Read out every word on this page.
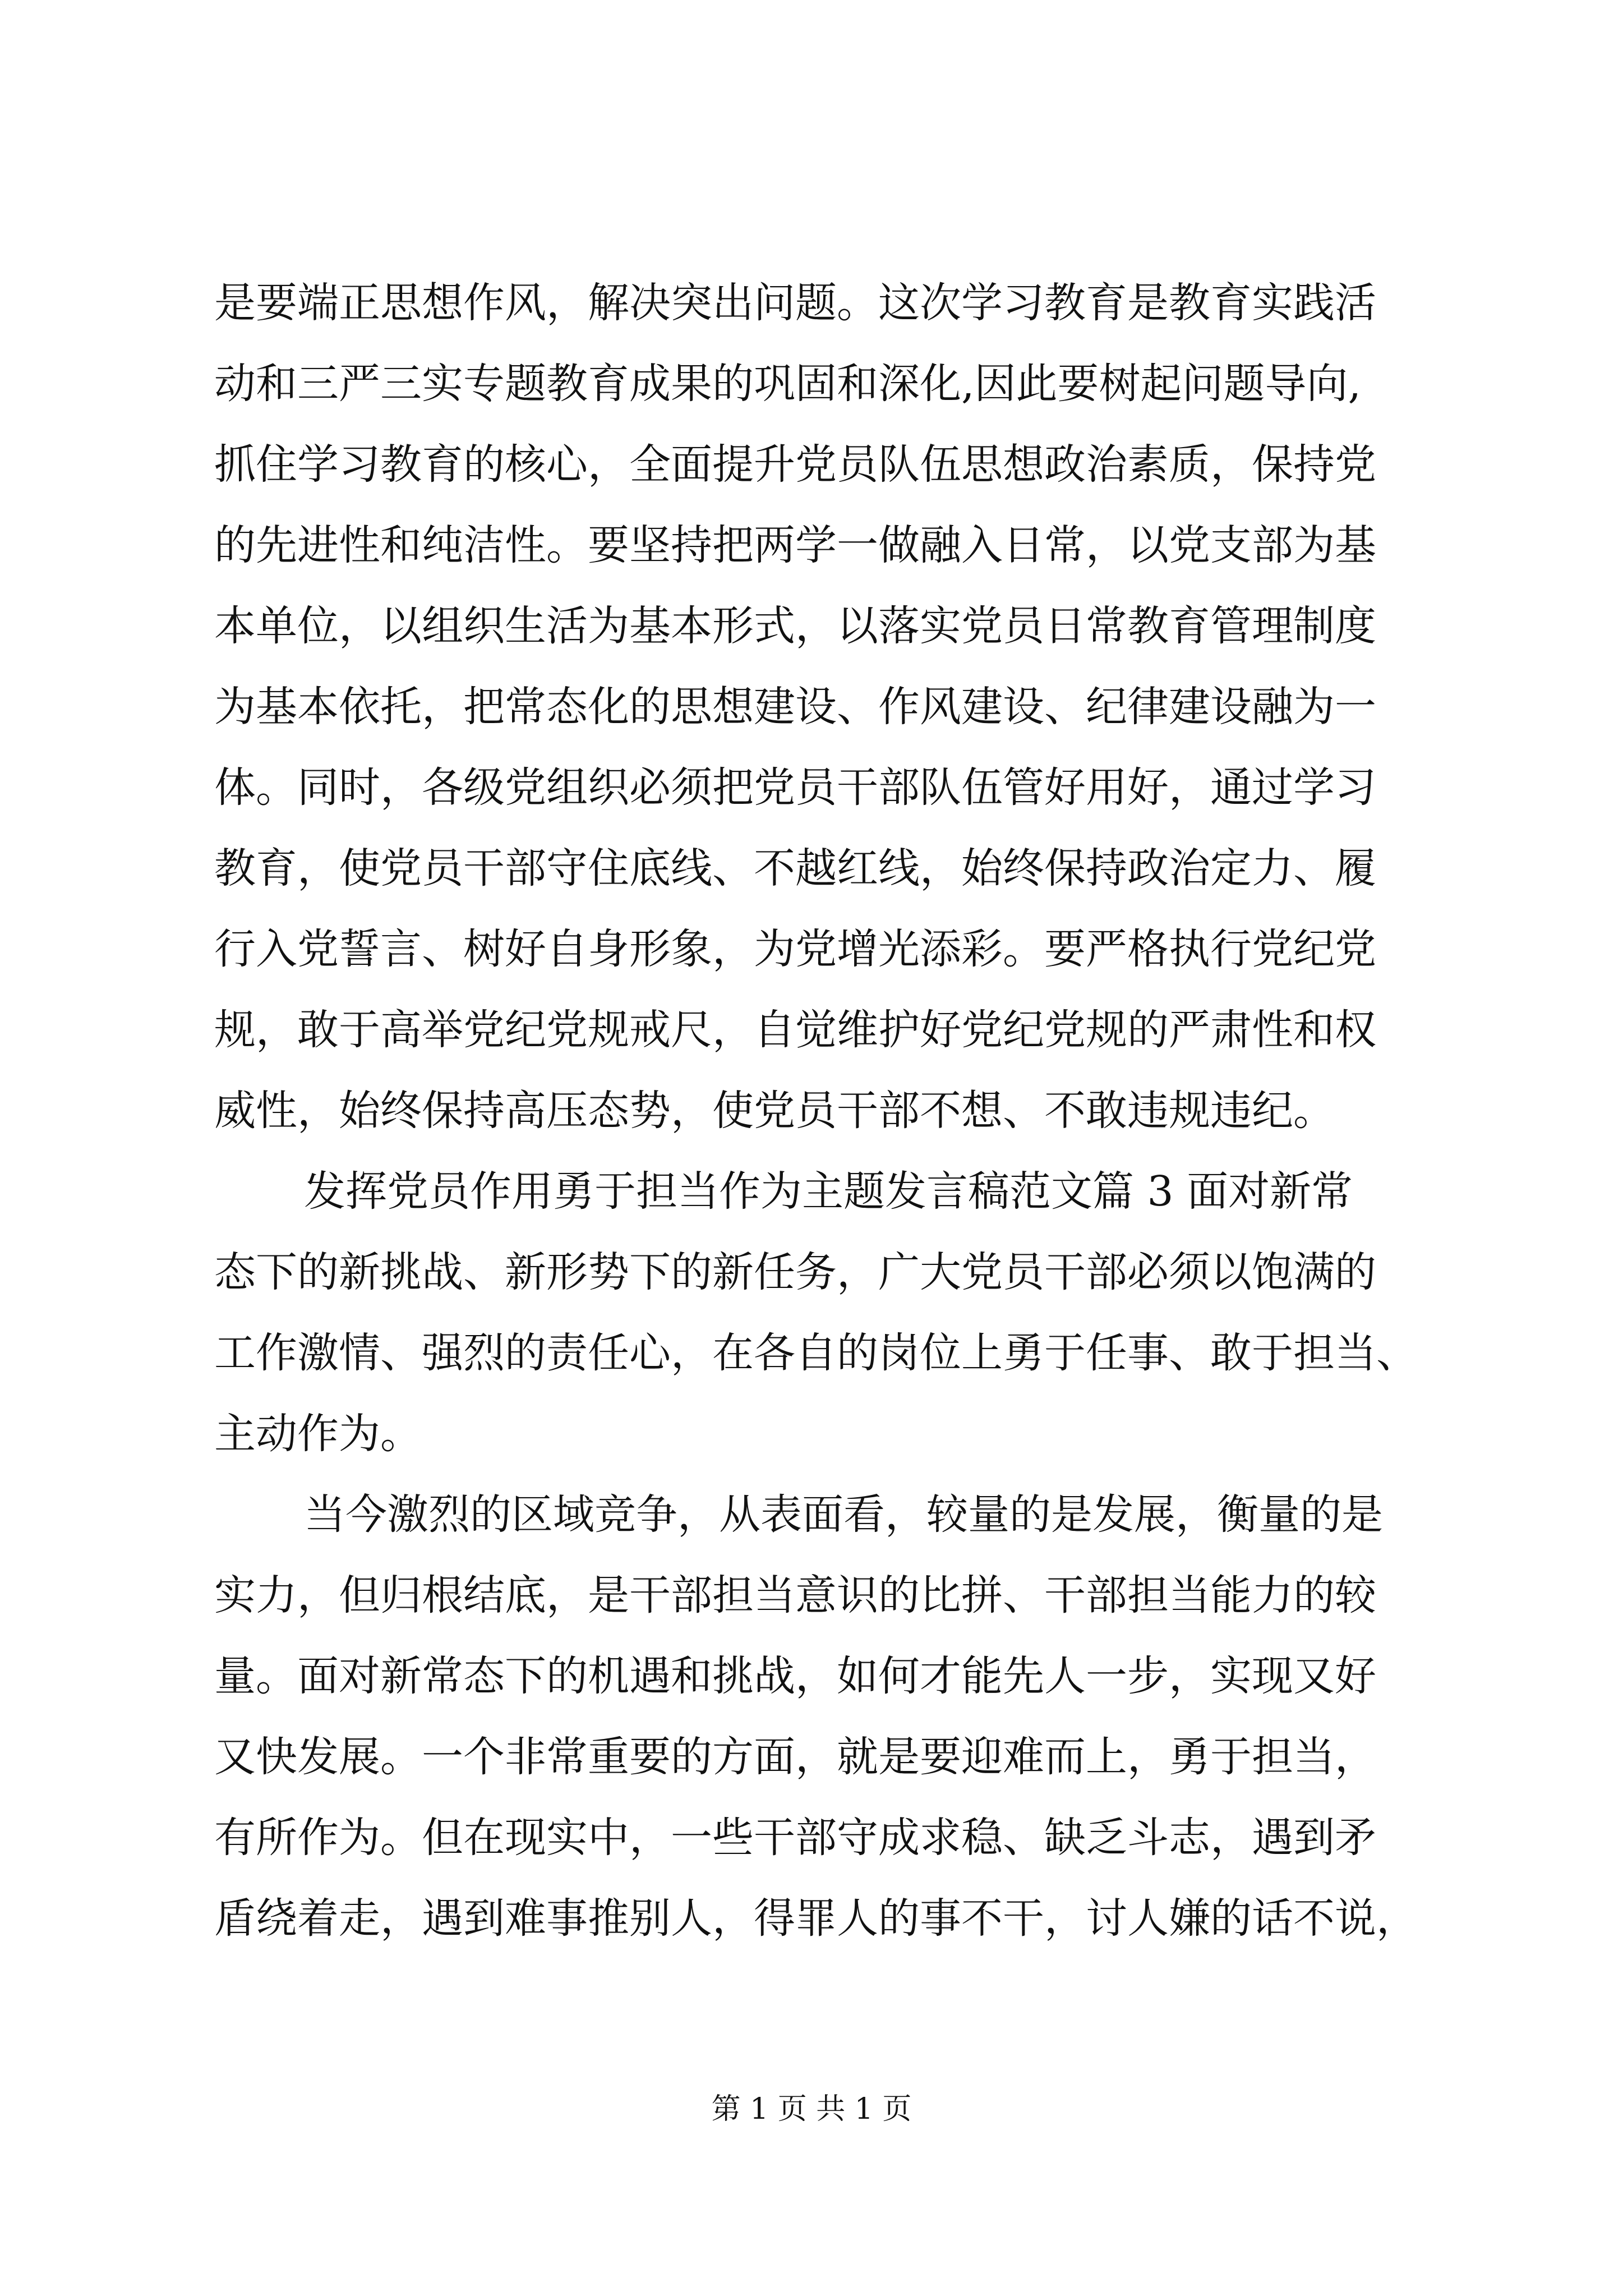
是要端正思想作风，解决突出问题。这次学习教育是教育实践活
动和三严三实专题教育成果的巩固和深化,因此要树起问题导向,
抓住学习教育的核心，全面提升党员队伍思想政治素质，保持党
的先进性和纯洁性。要坚持把两学一做融入日常，以党支部为基
本单位，以组织生活为基本形式，以落实党员日常教育管理制度
为基本依托，把常态化的思想建设、作风建设、纪律建设融为一
体。同时，各级党组织必须把党员干部队伍管好用好，通过学习
教育，使党员干部守住底线、不越红线，始终保持政治定力、履
行入党誓言、树好自身形象，为党增光添彩。要严格执行党纪党
规，敢于高举党纪党规戒尺，自觉维护好党纪党规的严肃性和权
威性，始终保持高压态势，使党员干部不想、不敢违规违纪。
发挥党员作用勇于担当作为主题发言稿范文篇 3 面对新常
态下的新挑战、新形势下的新任务，广大党员干部必须以饱满的
工作激情、强烈的责任心，在各自的岗位上勇于任事、敢于担当、
主动作为。
当今激烈的区域竞争，从表面看，较量的是发展，衡量的是
实力，但归根结底，是干部担当意识的比拼、干部担当能力的较
量。面对新常态下的机遇和挑战，如何才能先人一步，实现又好
又快发展。一个非常重要的方面，就是要迎难而上，勇于担当，
有所作为。但在现实中，一些干部守成求稳、缺乏斗志，遇到矛
盾绕着走，遇到难事推别人，得罪人的事不干，讨人嫌的话不说，
第 1 页 共 1 页
